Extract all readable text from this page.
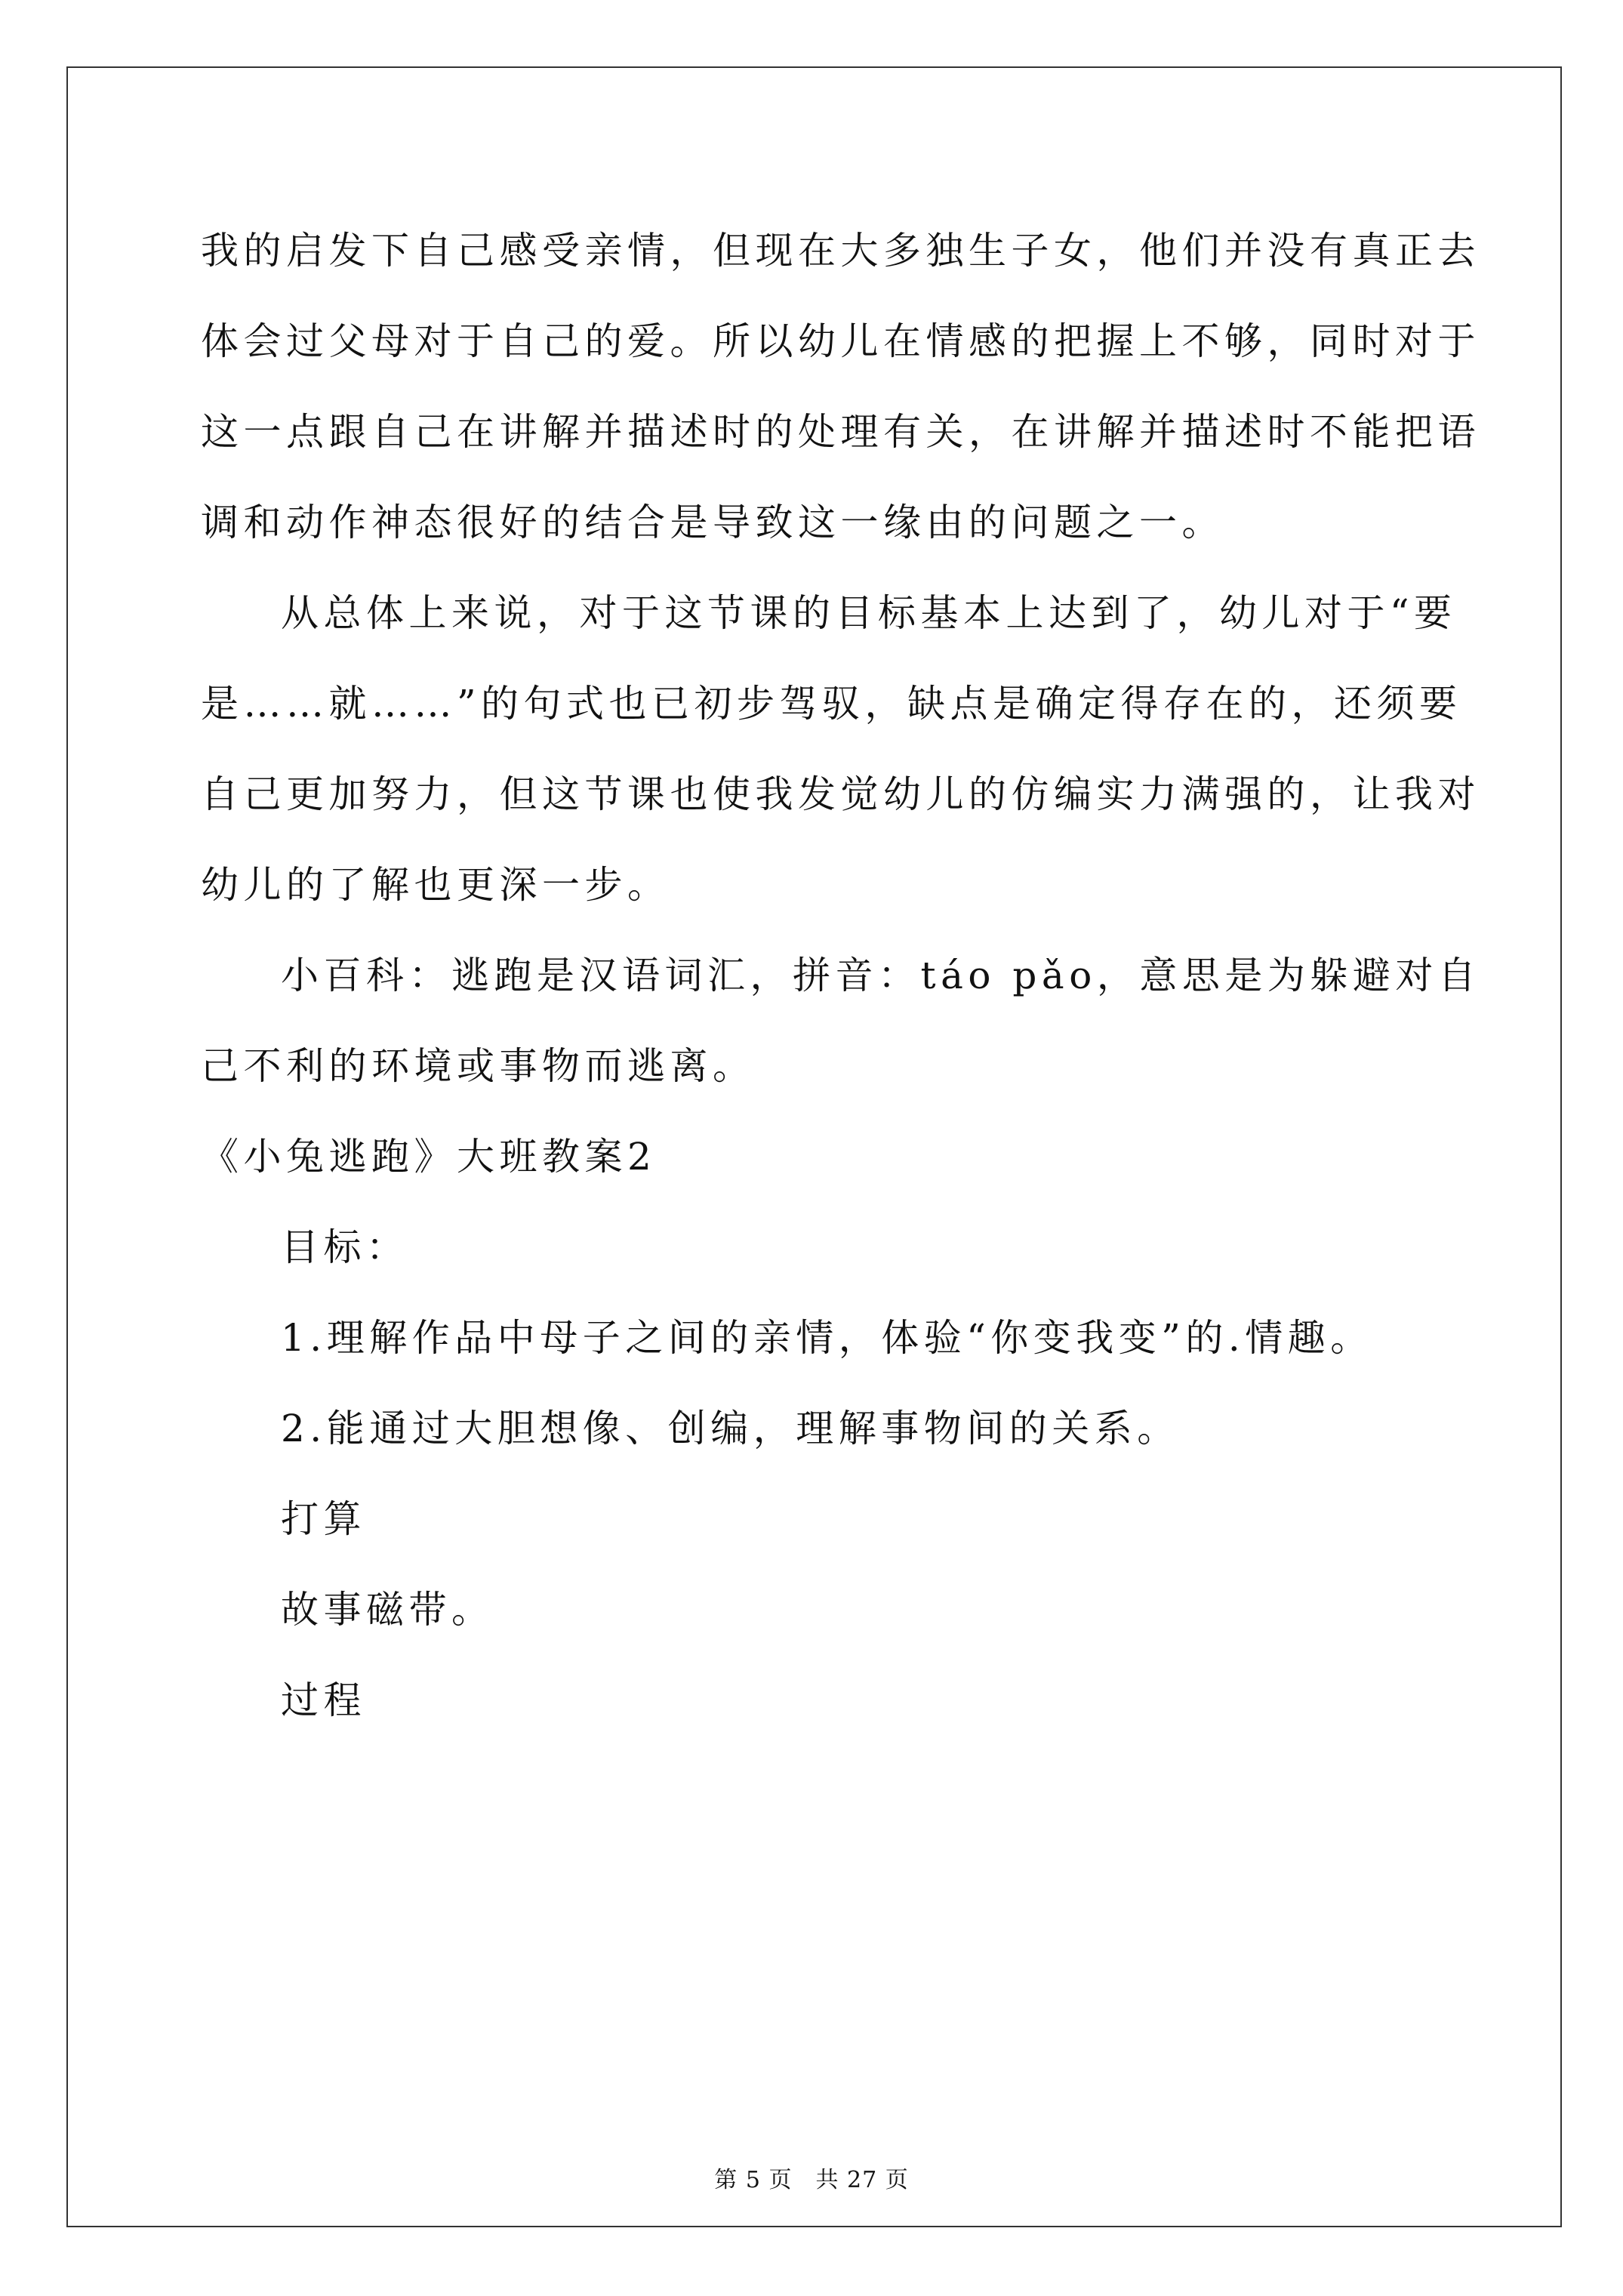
我的启发下自己感受亲情，但现在大多独生子女，他们并没有真正去
体会过父母对于自己的爱。所以幼儿在情感的把握上不够，同时对于
这一点跟自己在讲解并描述时的处理有关，在讲解并描述时不能把语
调和动作神态很好的结合是导致这一缘由的问题之一。
从总体上来说，对于这节课的目标基本上达到了，幼儿对于“要
是……就……”的句式也已初步驾驭，缺点是确定得存在的，还须要
自己更加努力，但这节课也使我发觉幼儿的仿编实力满强的，让我对
幼儿的了解也更深一步。
小百科：逃跑是汉语词汇，拼音：táo pǎo，意思是为躲避对自
己不利的环境或事物而逃离。
《小兔逃跑》大班教案2
目标：
1.理解作品中母子之间的亲情，体验“你变我变”的.情趣。
2.能通过大胆想像、创编，理解事物间的关系。
打算
故事磁带。
过程
第 5 页　共 27 页
